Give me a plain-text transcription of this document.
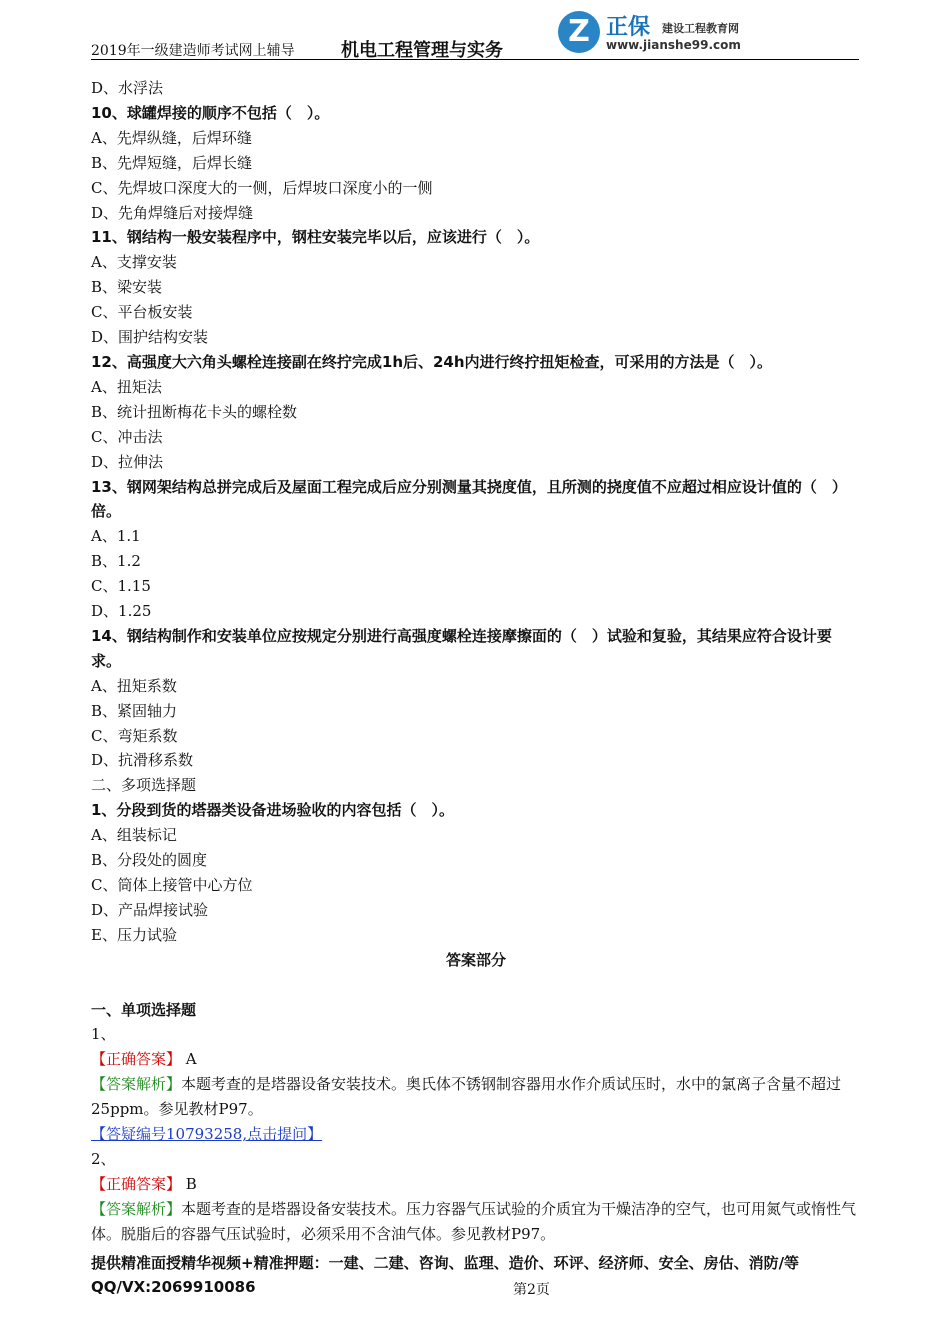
2019年一级建造师考试网上辅导	机电工程管理与实务
Z 正保 建设工程教育网
www.jianshe99.com
D、水浮法
10、球罐焊接的顺序不包括（　）。
A、先焊纵缝，后焊环缝
B、先焊短缝，后焊长缝
C、先焊坡口深度大的一侧，后焊坡口深度小的一侧
D、先角焊缝后对接焊缝
11、钢结构一般安装程序中，钢柱安装完毕以后，应该进行（　）。
A、支撑安装
B、梁安装
C、平台板安装
D、围护结构安装
12、高强度大六角头螺栓连接副在终拧完成1h后、24h内进行终拧扭矩检查，可采用的方法是（　）。
A、扭矩法
B、统计扭断梅花卡头的螺栓数
C、冲击法
D、拉伸法
13、钢网架结构总拼完成后及屋面工程完成后应分别测量其挠度值，且所测的挠度值不应超过相应设计值的（　）倍。
A、1.1
B、1.2
C、1.15
D、1.25
14、钢结构制作和安装单位应按规定分别进行高强度螺栓连接摩擦面的（　）试验和复验，其结果应符合设计要求。
A、扭矩系数
B、紧固轴力
C、弯矩系数
D、抗滑移系数
二、多项选择题
1、分段到货的塔器类设备进场验收的内容包括（　）。
A、组装标记
B、分段处的圆度
C、筒体上接管中心方位
D、产品焊接试验
E、压力试验
答案部分
一、单项选择题
1、
【正确答案】 A
【答案解析】本题考查的是塔器设备安装技术。奥氏体不锈钢制容器用水作介质试压时，水中的氯离子含量不超过25ppm。参见教材P97。
【答疑编号10793258,点击提问】
2、
【正确答案】 B
【答案解析】本题考查的是塔器设备安装技术。压力容器气压试验的介质宜为干燥洁净的空气，也可用氮气或惰性气体。脱脂后的容器气压试验时，必须采用不含油气体。参见教材P97。
提供精准面授精华视频+精准押题：一建、二建、咨询、监理、造价、环评、经济师、安全、房估、消防/等
QQ/VX:2069910086	第2页
